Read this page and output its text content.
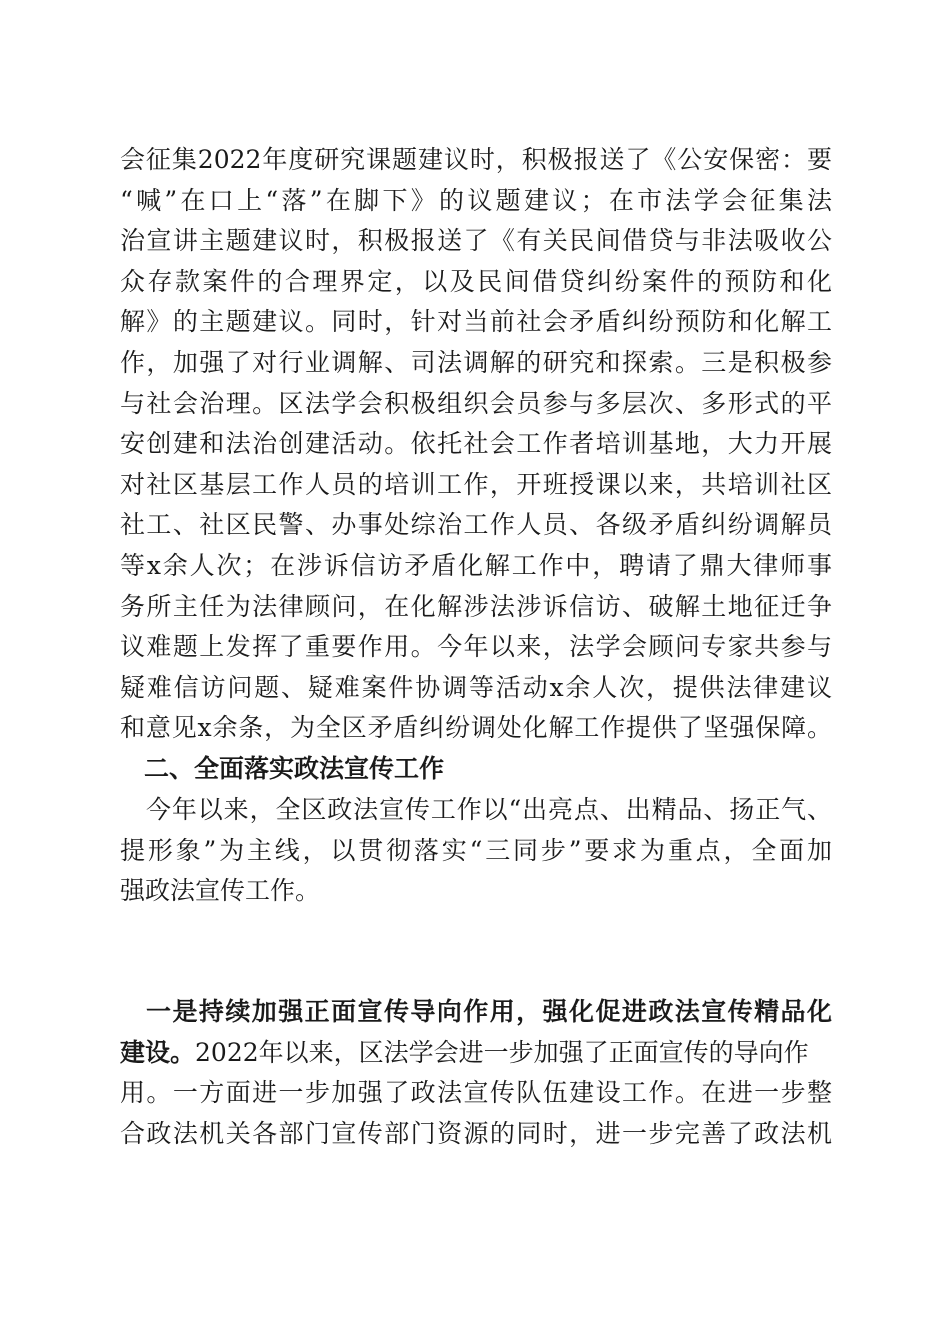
会征集2022年度研究课题建议时，积极报送了《公安保密：要
“喊”在口上“落”在脚下》的议题建议；在市法学会征集法
治宣讲主题建议时，积极报送了《有关民间借贷与非法吸收公
众存款案件的合理界定，以及民间借贷纠纷案件的预防和化
解》的主题建议。同时，针对当前社会矛盾纠纷预防和化解工
作，加强了对行业调解、司法调解的研究和探索。三是积极参
与社会治理。区法学会积极组织会员参与多层次、多形式的平
安创建和法治创建活动。依托社会工作者培训基地，大力开展
对社区基层工作人员的培训工作，开班授课以来，共培训社区
社工、社区民警、办事处综治工作人员、各级矛盾纠纷调解员
等x余人次；在涉诉信访矛盾化解工作中，聘请了鼎大律师事
务所主任为法律顾问，在化解涉法涉诉信访、破解土地征迁争
议难题上发挥了重要作用。今年以来，法学会顾问专家共参与
疑难信访问题、疑难案件协调等活动x余人次，提供法律建议
和意见x余条，为全区矛盾纠纷调处化解工作提供了坚强保障。
二、全面落实政法宣传工作
今年以来，全区政法宣传工作以“出亮点、出精品、扬正气、
提形象”为主线，以贯彻落实“三同步”要求为重点，全面加
强政法宣传工作。
一是持续加强正面宣传导向作用，强化促进政法宣传精品化
建设。2022年以来，区法学会进一步加强了正面宣传的导向作
用。一方面进一步加强了政法宣传队伍建设工作。在进一步整
合政法机关各部门宣传部门资源的同时，进一步完善了政法机
